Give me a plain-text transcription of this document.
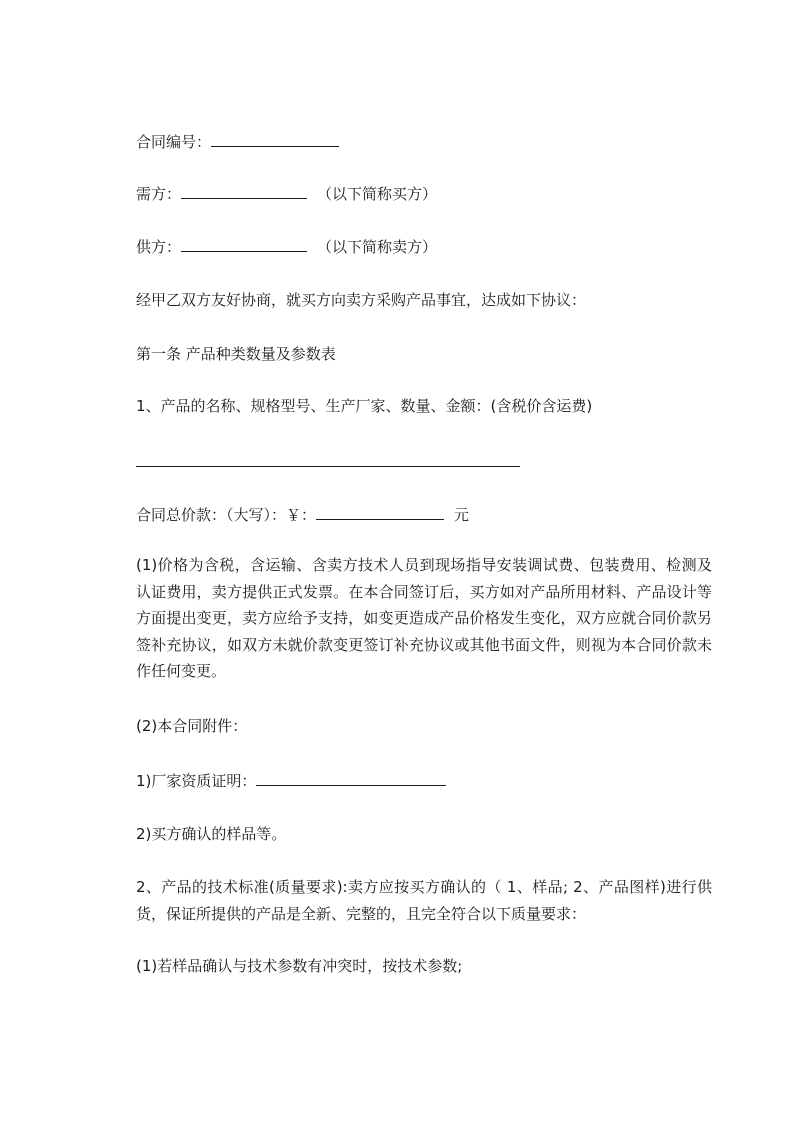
合同编号：
需方：	（以下简称买方）
供方：	（以下简称卖方）
经甲乙双方友好协商，就买方向卖方采购产品事宜，达成如下协议：
第一条 产品种类数量及参数表
1、产品的名称、规格型号、生产厂家、数量、金额：(含税价含运费)
合同总价款：（大写）：￥：	元
(1)价格为含税，含运输、含卖方技术人员到现场指导安装调试费、包装费用、检测及认证费用，卖方提供正式发票。在本合同签订后，买方如对产品所用材料、产品设计等方面提出变更，卖方应给予支持，如变更造成产品价格发生变化，双方应就合同价款另签补充协议，如双方未就价款变更签订补充协议或其他书面文件，则视为本合同价款未作任何变更。
(2)本合同附件：
1)厂家资质证明：
2)买方确认的样品等。
2、产品的技术标准(质量要求):卖方应按买方确认的（ 1、样品; 2、产品图样)进行供货，保证所提供的产品是全新、完整的，且完全符合以下质量要求：
(1)若样品确认与技术参数有冲突时，按技术参数;
